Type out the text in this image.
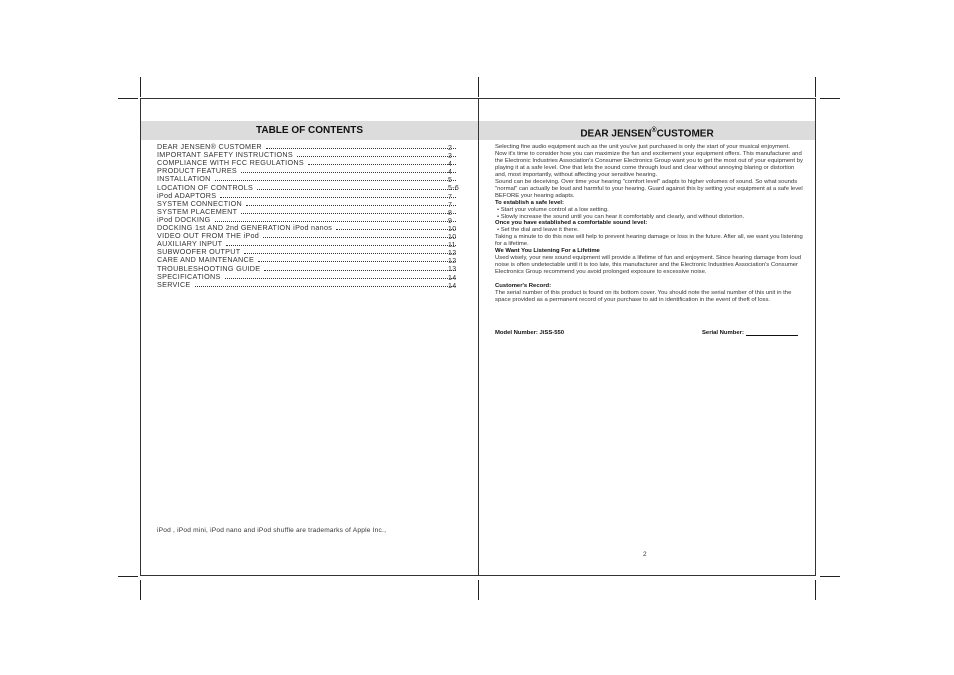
TABLE OF CONTENTS
DEAR JENSEN® CUSTOMER	2
IMPORTANT SAFETY INSTRUCTIONS	3
COMPLIANCE WITH FCC REGULATIONS	4
PRODUCT FEATURES	4
INSTALLATION	5
LOCATION OF CONTROLS	5-6
iPod ADAPTORS	7
SYSTEM CONNECTION	7
SYSTEM PLACEMENT	8
iPod DOCKING	9
DOCKING 1st AND 2nd GENERATION iPod nanos	10
VIDEO OUT FROM THE iPod	10
AUXILIARY INPUT	11
SUBWOOFER OUTPUT	12
CARE AND MAINTENANCE	12
TROUBLESHOOTING GUIDE	13
SPECIFICATIONS	14
SERVICE	14
iPod , iPod mini, iPod nano and iPod shuffle are trademarks of Apple Inc.,
DEAR JENSEN®CUSTOMER

Selecting fine audio equipment such as the unit you've just purchased is only the start of your musical enjoyment. Now it's time to consider how you can maximize the fun and excitement your equipment offers. This manufacturer and the Electronic Industries Association's Consumer Electronics Group want you to get the most out of your equipment by playing it at a safe level. One that lets the sound come through loud and clear without annoying blaring or distortion and, most importantly, without affecting your sensitive hearing.

Sound can be deceiving. Over time your hearing "comfort level" adapts to higher volumes of sound. So what sounds "normal" can actually be loud and harmful to your hearing. Guard against this by setting your equipment at a safe level BEFORE your hearing adapts.

To establish a safe level:

• Start your volume control at a low setting.

• Slowly increase the sound until you can hear it comfortably and clearly, and without distortion.

Once you have established a comfortable sound level:

• Set the dial and leave it there.

Taking a minute to do this now will help to prevent hearing damage or loss in the future. After all, we want you listening for a lifetime.

We Want You Listening For a Lifetime

Used wisely, your new sound equipment will provide a lifetime of fun and enjoyment. Since hearing damage from loud noise is often undetectable until it is too late, this manufacturer and the Electronic Industries Association's Consumer Electronics Group recommend you avoid prolonged exposure to excessive noise.

Customer's Record:

The serial number of this product is found on its bottom cover. You should note the serial number of this unit in the space provided as a permanent record of your purchase to aid in identification in the event of theft of loss.

Model Number: JiSS-550	Serial Number:
2
